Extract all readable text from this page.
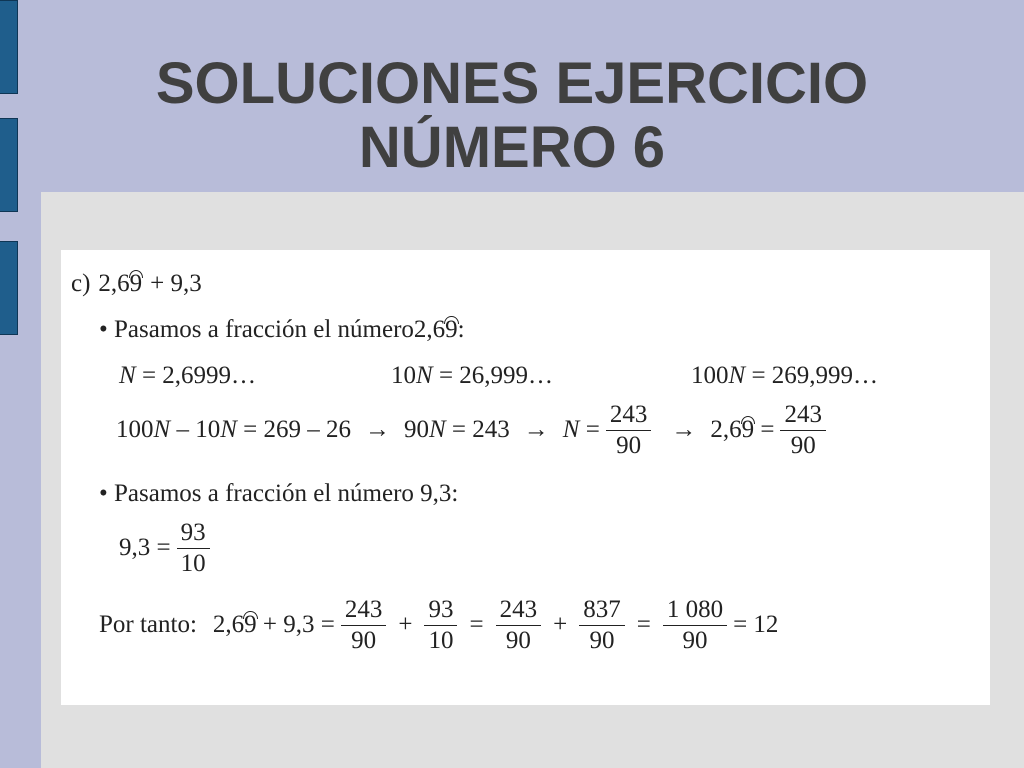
SOLUCIONES EJERCICIO
NÚMERO 6
c) 2,69 + 9,3
• Pasamos a fracción el número 2,69 :
N
= 2,6999…	10 N
= 26,999…	100 N
= 269,999…
100 N – 10 N = 269 – 26 → 90 $N = 243 \to N = \frac{243}{90} \to 2,69 = \frac{243}{90}$
• Pasamos a fracción el número 9,3:
$9,3 = \frac{93}{10}$
Por tanto: $2,69 + 9,3 = \frac{243}{90} + \frac{93}{10} = \frac{243}{90} + \frac{837}{90} = \frac{1 080}{90} = 12$
